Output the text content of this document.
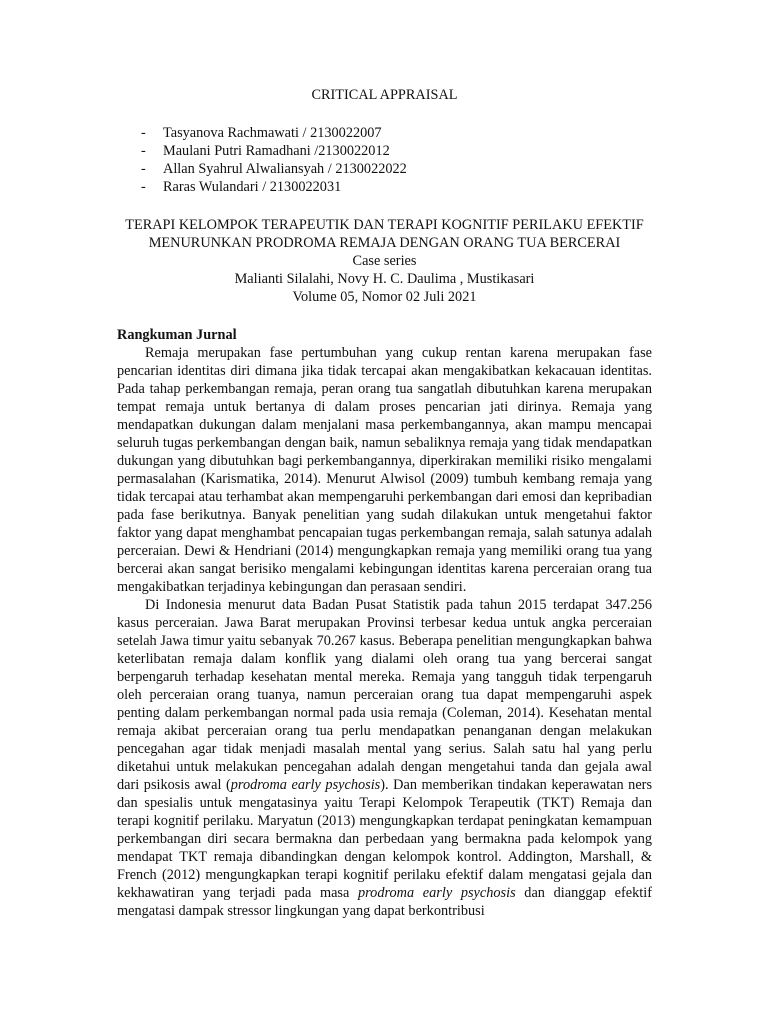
CRITICAL APPRAISAL
-	Tasyanova Rachmawati / 2130022007
-	Maulani Putri Ramadhani /2130022012
-	Allan Syahrul Alwaliansyah / 2130022022
-	Raras Wulandari / 2130022031
TERAPI KELOMPOK TERAPEUTIK DAN TERAPI KOGNITIF PERILAKU EFEKTIF MENURUNKAN PRODROMA REMAJA DENGAN ORANG TUA BERCERAI
Case series
Malianti Silalahi, Novy H. C. Daulima , Mustikasari
Volume 05, Nomor 02 Juli 2021
Rangkuman Jurnal

Remaja merupakan fase pertumbuhan yang cukup rentan karena merupakan fase pencarian identitas diri dimana jika tidak tercapai akan mengakibatkan kekacauan identitas. Pada tahap perkembangan remaja, peran orang tua sangatlah dibutuhkan karena merupakan tempat remaja untuk bertanya di dalam proses pencarian jati dirinya. Remaja yang mendapatkan dukungan dalam menjalani masa perkembangannya, akan mampu mencapai seluruh tugas perkembangan dengan baik, namun sebaliknya remaja yang tidak mendapatkan dukungan yang dibutuhkan bagi perkembangannya, diperkirakan memiliki risiko mengalami permasalahan (Karismatika, 2014). Menurut Alwisol (2009) tumbuh kembang remaja yang tidak tercapai atau terhambat akan mempengaruhi perkembangan dari emosi dan kepribadian pada fase berikutnya. Banyak penelitian yang sudah dilakukan untuk mengetahui faktor faktor yang dapat menghambat pencapaian tugas perkembangan remaja, salah satunya adalah perceraian. Dewi & Hendriani (2014) mengungkapkan remaja yang memiliki orang tua yang bercerai akan sangat berisiko mengalami kebingungan identitas karena perceraian orang tua mengakibatkan terjadinya kebingungan dan perasaan sendiri.

Di Indonesia menurut data Badan Pusat Statistik pada tahun 2015 terdapat 347.256 kasus perceraian. Jawa Barat merupakan Provinsi terbesar kedua untuk angka perceraian setelah Jawa timur yaitu sebanyak 70.267 kasus. Beberapa penelitian mengungkapkan bahwa keterlibatan remaja dalam konflik yang dialami oleh orang tua yang bercerai sangat berpengaruh terhadap kesehatan mental mereka. Remaja yang tangguh tidak terpengaruh oleh perceraian orang tuanya, namun perceraian orang tua dapat mempengaruhi aspek penting dalam perkembangan normal pada usia remaja (Coleman, 2014). Kesehatan mental remaja akibat perceraian orang tua perlu mendapatkan penanganan dengan melakukan pencegahan agar tidak menjadi masalah mental yang serius. Salah satu hal yang perlu diketahui untuk melakukan pencegahan adalah dengan mengetahui tanda dan gejala awal dari psikosis awal (prodroma early psychosis). Dan memberikan tindakan keperawatan ners dan spesialis untuk mengatasinya yaitu Terapi Kelompok Terapeutik (TKT) Remaja dan terapi kognitif perilaku. Maryatun (2013) mengungkapkan terdapat peningkatan kemampuan perkembangan diri secara bermakna dan perbedaan yang bermakna pada kelompok yang mendapat TKT remaja dibandingkan dengan kelompok kontrol. Addington, Marshall, & French (2012) mengungkapkan terapi kognitif perilaku efektif dalam mengatasi gejala dan kekhawatiran yang terjadi pada masa prodroma early psychosis dan dianggap efektif mengatasi dampak stressor lingkungan yang dapat berkontribusi
